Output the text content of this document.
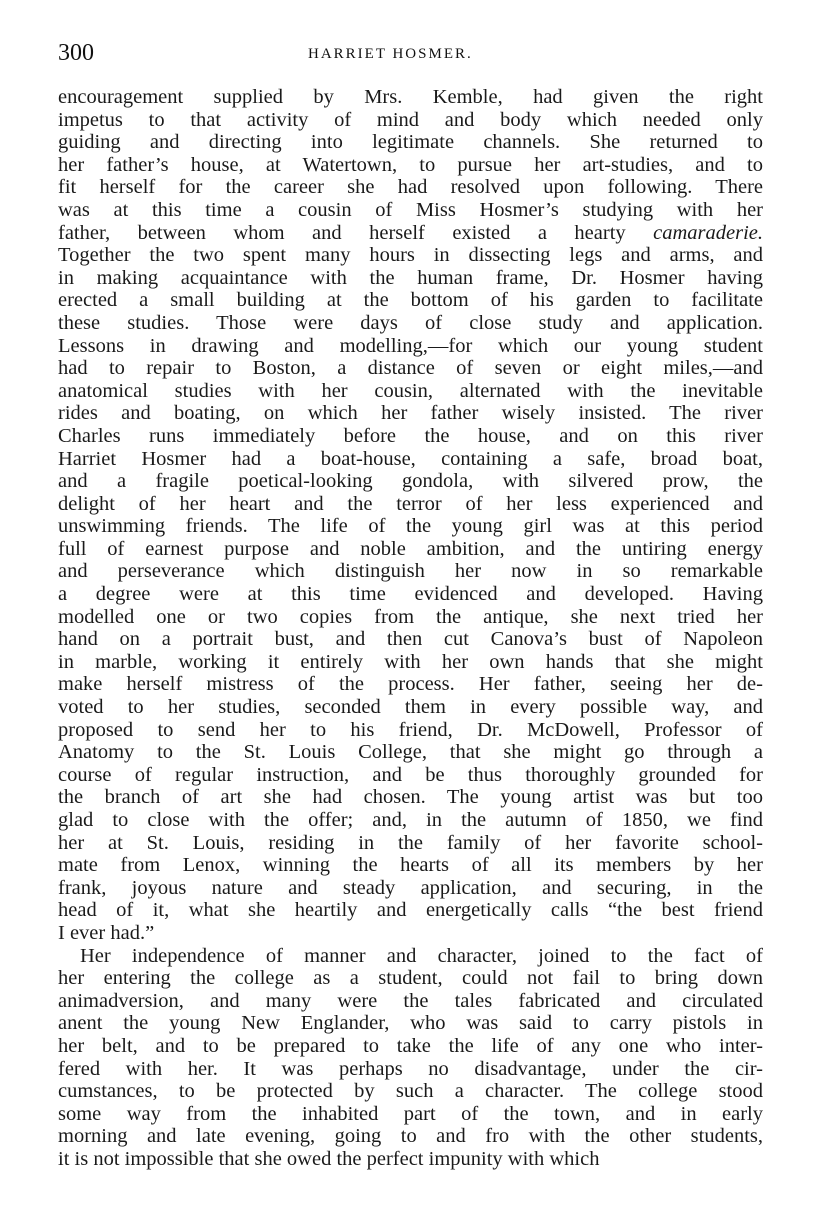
300	HARRIET HOSMER.
encouragement supplied by Mrs. Kemble, had given the right
impetus to that activity of mind and body which needed only
guiding and directing into legitimate channels. She returned to
her father’s house, at Watertown, to pursue her art-studies, and to
fit herself for the career she had resolved upon following. There
was at this time a cousin of Miss Hosmer’s studying with her
father, between whom and herself existed a hearty camaraderie.
Together the two spent many hours in dissecting legs and arms, and
in making acquaintance with the human frame, Dr. Hosmer having
erected a small building at the bottom of his garden to facilitate
these studies. Those were days of close study and application.
Lessons in drawing and modelling,—for which our young student
had to repair to Boston, a distance of seven or eight miles,—and
anatomical studies with her cousin, alternated with the inevitable
rides and boating, on which her father wisely insisted. The river
Charles runs immediately before the house, and on this river
Harriet Hosmer had a boat-house, containing a safe, broad boat,
and a fragile poetical-looking gondola, with silvered prow, the
delight of her heart and the terror of her less experienced and
unswimming friends. The life of the young girl was at this period
full of earnest purpose and noble ambition, and the untiring energy
and perseverance which distinguish her now in so remarkable
a degree were at this time evidenced and developed. Having
modelled one or two copies from the antique, she next tried her
hand on a portrait bust, and then cut Canova’s bust of Napoleon
in marble, working it entirely with her own hands that she might
make herself mistress of the process. Her father, seeing her de-
voted to her studies, seconded them in every possible way, and
proposed to send her to his friend, Dr. McDowell, Professor of
Anatomy to the St. Louis College, that she might go through a
course of regular instruction, and be thus thoroughly grounded for
the branch of art she had chosen. The young artist was but too
glad to close with the offer; and, in the autumn of 1850, we find
her at St. Louis, residing in the family of her favorite school-
mate from Lenox, winning the hearts of all its members by her
frank, joyous nature and steady application, and securing, in the
head of it, what she heartily and energetically calls “the best friend
I ever had.”
Her independence of manner and character, joined to the fact of
her entering the college as a student, could not fail to bring down
animadversion, and many were the tales fabricated and circulated
anent the young New Englander, who was said to carry pistols in
her belt, and to be prepared to take the life of any one who inter-
fered with her. It was perhaps no disadvantage, under the cir-
cumstances, to be protected by such a character. The college stood
some way from the inhabited part of the town, and in early
morning and late evening, going to and fro with the other students,
it is not impossible that she owed the perfect impunity with which
